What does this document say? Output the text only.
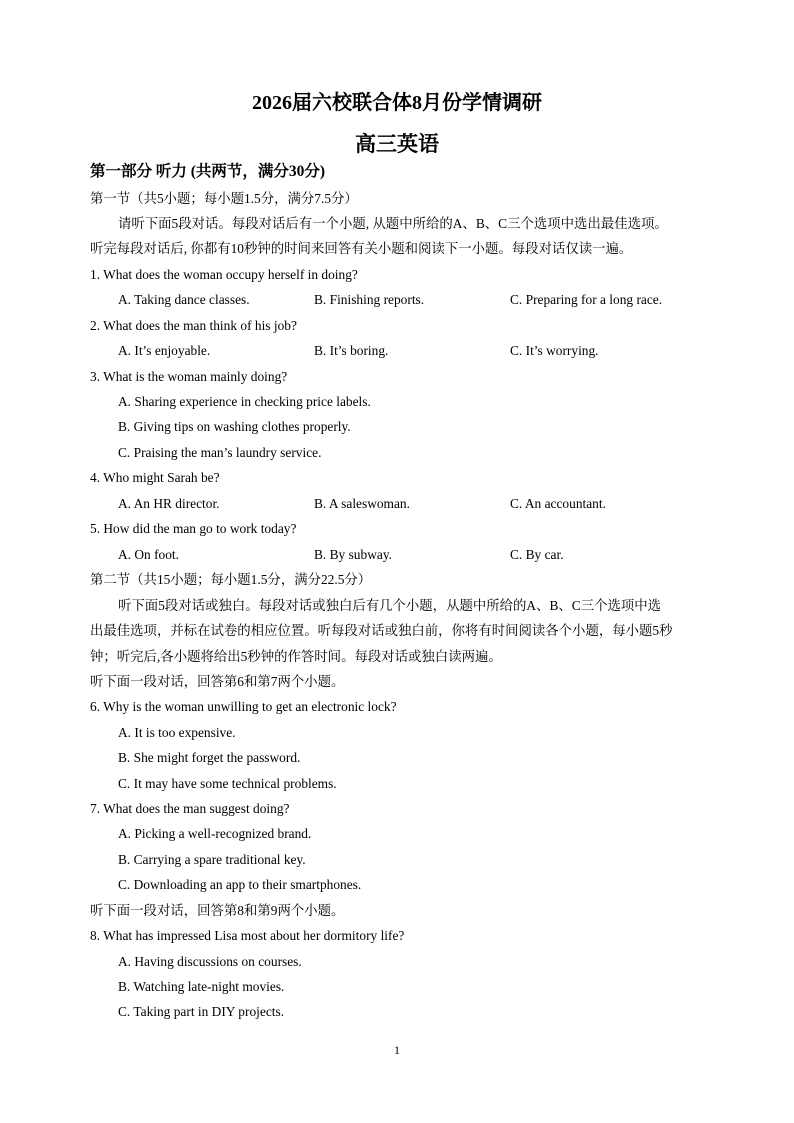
2026届六校联合体8月份学情调研
高三英语
第一部分 听力 (共两节，满分30分)
第一节（共5小题；每小题1.5分，满分7.5分）
请听下面5段对话。每段对话后有一个小题, 从题中所给的A、B、C三个选项中选出最佳选项。
听完每段对话后, 你都有10秒钟的时间来回答有关小题和阅读下一小题。每段对话仅读一遍。
1. What does the woman occupy herself in doing?
A. Taking dance classes.	B. Finishing reports.	C. Preparing for a long race.
2. What does the man think of his job?
A. It’s enjoyable.	B. It’s boring.	C. It’s worrying.
3. What is the woman mainly doing?
A. Sharing experience in checking price labels.
B. Giving tips on washing clothes properly.
C. Praising the man’s laundry service.
4. Who might Sarah be?
A. An HR director.	B. A saleswoman.	C. An accountant.
5. How did the man go to work today?
A. On foot.	B. By subway.	C. By car.
第二节（共15小题；每小题1.5分，满分22.5分）
听下面5段对话或独白。每段对话或独白后有几个小题，从题中所给的A、B、C三个选项中选
出最佳选项，并标在试卷的相应位置。听每段对话或独白前，你将有时间阅读各个小题，每小题5秒
钟；听完后,各小题将给出5秒钟的作答时间。每段对话或独白读两遍。
听下面一段对话，回答第6和第7两个小题。
6. Why is the woman unwilling to get an electronic lock?
A. It is too expensive.
B. She might forget the password.
C. It may have some technical problems.
7. What does the man suggest doing?
A. Picking a well-recognized brand.
B. Carrying a spare traditional key.
C. Downloading an app to their smartphones.
听下面一段对话，回答第8和第9两个小题。
8. What has impressed Lisa most about her dormitory life?
A. Having discussions on courses.
B. Watching late-night movies.
C. Taking part in DIY projects.
1
